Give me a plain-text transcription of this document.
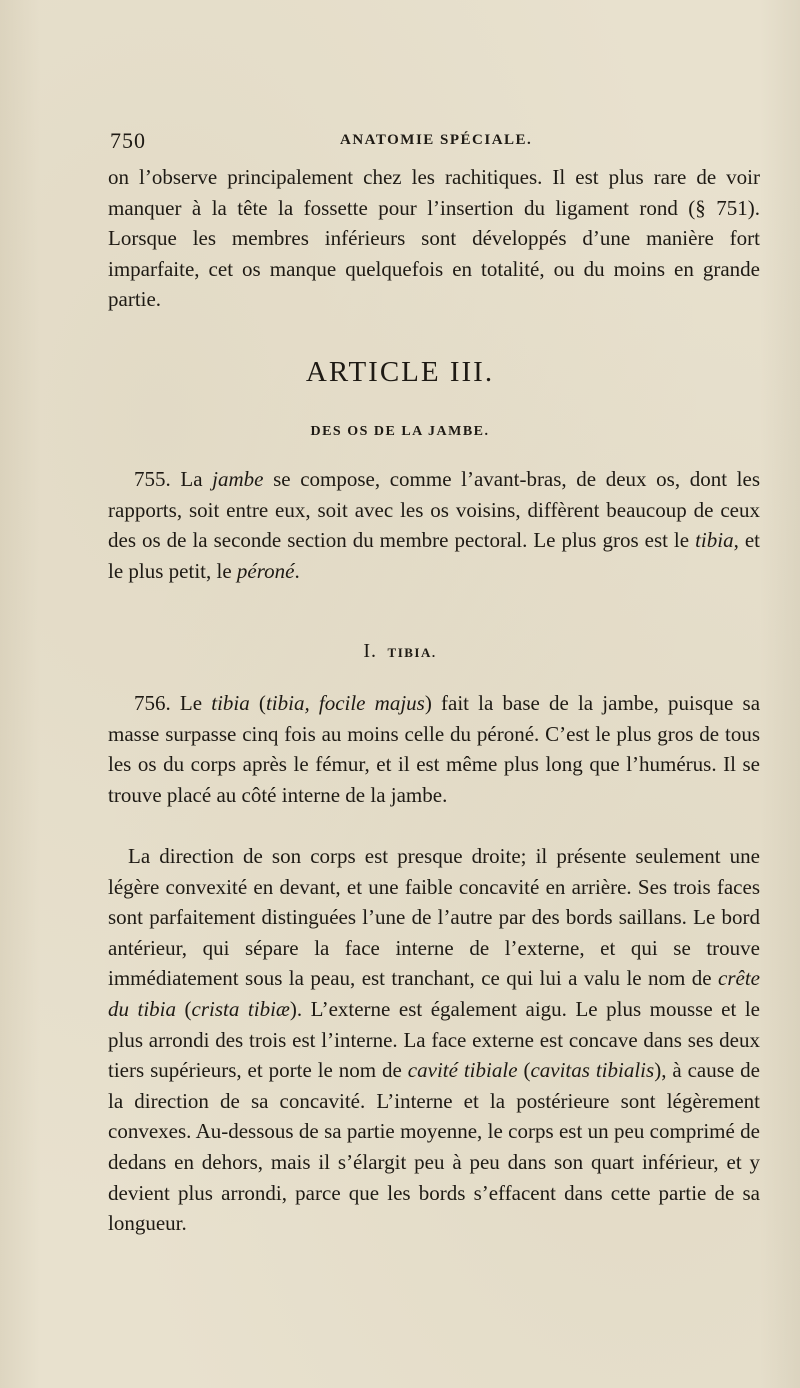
750	ANATOMIE SPÉCIALE.
on l’observe principalement chez les rachitiques. Il est plus rare de voir manquer à la tête la fossette pour l’insertion du ligament rond (§ 751). Lorsque les membres inférieurs sont développés d’une manière fort imparfaite, cet os manque quelquefois en totalité, ou du moins en grande partie.
ARTICLE III.
DES OS DE LA JAMBE.
755. La jambe se compose, comme l’avant-bras, de deux os, dont les rapports, soit entre eux, soit avec les os voisins, diffèrent beaucoup de ceux des os de la seconde section du membre pectoral. Le plus gros est le tibia, et le plus petit, le péroné.
I. TIBIA.
756. Le tibia (tibia, focile majus) fait la base de la jambe, puisque sa masse surpasse cinq fois au moins celle du péroné. C’est le plus gros de tous les os du corps après le fémur, et il est même plus long que l’humérus. Il se trouve placé au côté interne de la jambe.
La direction de son corps est presque droite; il présente seulement une légère convexité en devant, et une faible concavité en arrière. Ses trois faces sont parfaitement distinguées l’une de l’autre par des bords saillans. Le bord antérieur, qui sépare la face interne de l’externe, et qui se trouve immédiatement sous la peau, est tranchant, ce qui lui a valu le nom de crête du tibia (crista tibiæ). L’externe est également aigu. Le plus mousse et le plus arrondi des trois est l’interne. La face externe est concave dans ses deux tiers supérieurs, et porte le nom de cavité tibiale (cavitas tibialis), à cause de la direction de sa concavité. L’interne et la postérieure sont légèrement convexes. Au-dessous de sa partie moyenne, le corps est un peu comprimé de dedans en dehors, mais il s’élargit peu à peu dans son quart inférieur, et y devient plus arrondi, parce que les bords s’effacent dans cette partie de sa longueur.
